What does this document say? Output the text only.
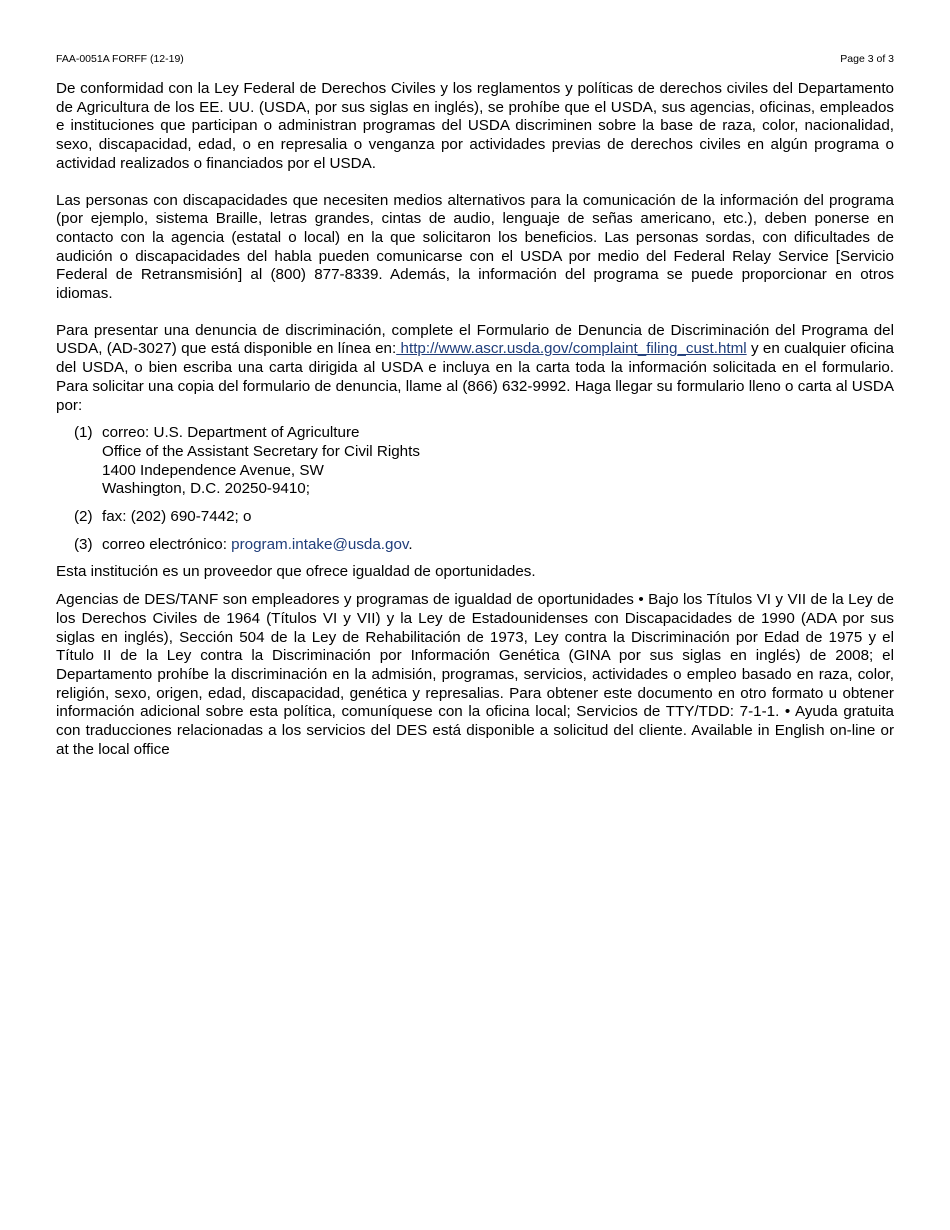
FAA-0051A FORFF (12-19)	Page 3 of 3

De conformidad con la Ley Federal de Derechos Civiles y los reglamentos y políticas de derechos civiles del Departamento de Agricultura de los EE. UU. (USDA, por sus siglas en inglés), se prohíbe que el USDA, sus agencias, oficinas, empleados e instituciones que participan o administran programas del USDA discriminen sobre la base de raza, color, nacionalidad, sexo, discapacidad, edad, o en represalia o venganza por actividades previas de derechos civiles en algún programa o actividad realizados o financiados por el USDA.

Las personas con discapacidades que necesiten medios alternativos para la comunicación de la información del programa (por ejemplo, sistema Braille, letras grandes, cintas de audio, lenguaje de señas americano, etc.), deben ponerse en contacto con la agencia (estatal o local) en la que solicitaron los beneficios. Las personas sordas, con dificultades de audición o discapacidades del habla pueden comunicarse con el USDA por medio del Federal Relay Service [Servicio Federal de Retransmisión] al (800) 877-8339. Además, la información del programa se puede proporcionar en otros idiomas.

Para presentar una denuncia de discriminación, complete el Formulario de Denuncia de Discriminación del Programa del USDA, (AD-3027) que está disponible en línea en: http://www.ascr.usda.gov/complaint_filing_cust.html y en cualquier oficina del USDA, o bien escriba una carta dirigida al USDA e incluya en la carta toda la información solicitada en el formulario. Para solicitar una copia del formulario de denuncia, llame al (866) 632-9992. Haga llegar su formulario lleno o carta al USDA por:

(1) correo: U.S. Department of Agriculture
Office of the Assistant Secretary for Civil Rights
1400 Independence Avenue, SW
Washington, D.C. 20250-9410;
(2) fax: (202) 690-7442; o
(3) correo electrónico: program.intake@usda.gov.

Esta institución es un proveedor que ofrece igualdad de oportunidades.

Agencias de DES/TANF son empleadores y programas de igualdad de oportunidades • Bajo los Títulos VI y VII de la Ley de los Derechos Civiles de 1964 (Títulos VI y VII) y la Ley de Estadounidenses con Discapacidades de 1990 (ADA por sus siglas en inglés), Sección 504 de la Ley de Rehabilitación de 1973, Ley contra la Discriminación por Edad de 1975 y el Título II de la Ley contra la Discriminación por Información Genética (GINA por sus siglas en inglés) de 2008; el Departamento prohíbe la discriminación en la admisión, programas, servicios, actividades o empleo basado en raza, color, religión, sexo, origen, edad, discapacidad, genética y represalias. Para obtener este documento en otro formato u obtener información adicional sobre esta política, comuníquese con la oficina local; Servicios de TTY/TDD: 7-1-1. • Ayuda gratuita con traducciones relacionadas a los servicios del DES está disponible a solicitud del cliente. Available in English on-line or at the local office
